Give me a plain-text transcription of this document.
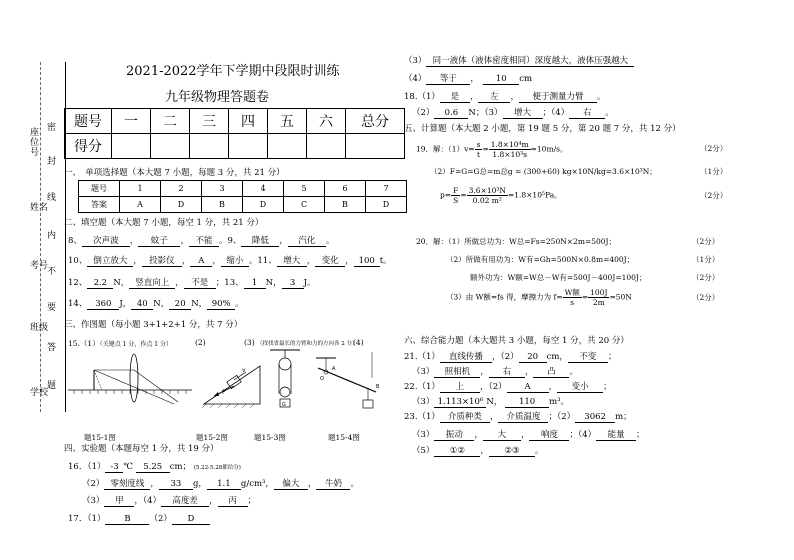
学校
班级
考号
姓名
座位号
密
封
线
内
不
要
答
题
2021-2022学年下学期中段限时训练
九年级物理答题卷
题号	一	二	三	四	五	六	总分
得分							
一、　单项选择题（本大题 7 小题，每题 3 分，共 21 分）
题号	1	2	3	4	5	6	7
答案	A	D	B	D	C	B	D
二、填空题（本大题 7 小题，每空 1 分，共 21 分）
8、 次声波 ， 蚊子 ， 不能 。9、 降低 ， 汽化 。
10、 倒立放大 ， 投影仪 ， A ， 缩小 。11、 增大 ， 变化 ， 100 t。
12、 2.2 N， 竖直向上 ， 不是 ；13、 1 N， 3 J。
14、 360 J， 40 N， 20 N， 90% 。
三、作图题（每小题 3+1+2+1 分，共 7 分）
15.（1）（关键点 1 分，作点 1 分）	(2)	(3) （找找省最长的力臂和力的方向各 2 分）
(4)
F
v
G
O
A
B
题15-1图	题15-2图	题15-3图	题15-4图
四、实验题（本题每空 1 分，共 19 分）
16．（1） -3 ℃ 5.25 cm； (5.22-5.28都给分)
（2） 零刻度线 ， 33 g， 1.1 g/cm³， 偏大 ， 牛奶 。
（3） 甲 ，（4） 高度差 ， 丙 ；
17．（1） B （2） D
（3） 同一液体（液体密度相同）深度越大，液体压强越大
（4） 等于 ，　 10 cm
18.（1） 是 ， 左 ， 便于测量力臂 。
（2） 0.6 N；（3） 增大 ；（4） 右 。
五、计算题（本大题 2 小题，第 19 题 5 分，第 20 题 7 分，共 12 分）
19．解：$(1)v= \frac{s}{t} = \frac{\text{1.8×10⁴m}}{\text{1.8×10³s}} =10m/s$。	（2分）
（2）F=G=G总=m总g = (300+60) kg×10N/kg=3.6×10³N；	（1分）
$p= \frac{F}{S} = \frac{\text{3.6×10³N}}{\text{0.02 m²}} =1.8\times 10^5Pa$。	（2分）
20．解：（1）所做总功为：W总=Fs=250N×2m=500J；	（2分）
（2）所做有用功为：W有=Gh=500N×0.8m=400J；	（1分）
额外功为：W额=W总－W有=500J－400J=100J；	（2分）
（3）由 W额=fs 得，摩擦力为 $f= \frac{\text{W额}}{s} = \frac{100J}{2m} =50N$	（2分）
六、综合能力题（本大题共 3 小题，每空 1 分，共 20 分）
21.（1） 直线传播 ，（2） 20 cm， 不变 ；
（3） 照相机 ， 右 ， 凸 。
22.（1） 上 ，（2） A ， 变小 ；
（3） 1.113×10⁶ N， 110 m³。
23.（1） 介质种类 ， 介质温度 ；（2） 3062 m；
（3） 振动 ， 大 ， 响度 ；（4） 能量 ；
（5） ①② ， ②③ 。
